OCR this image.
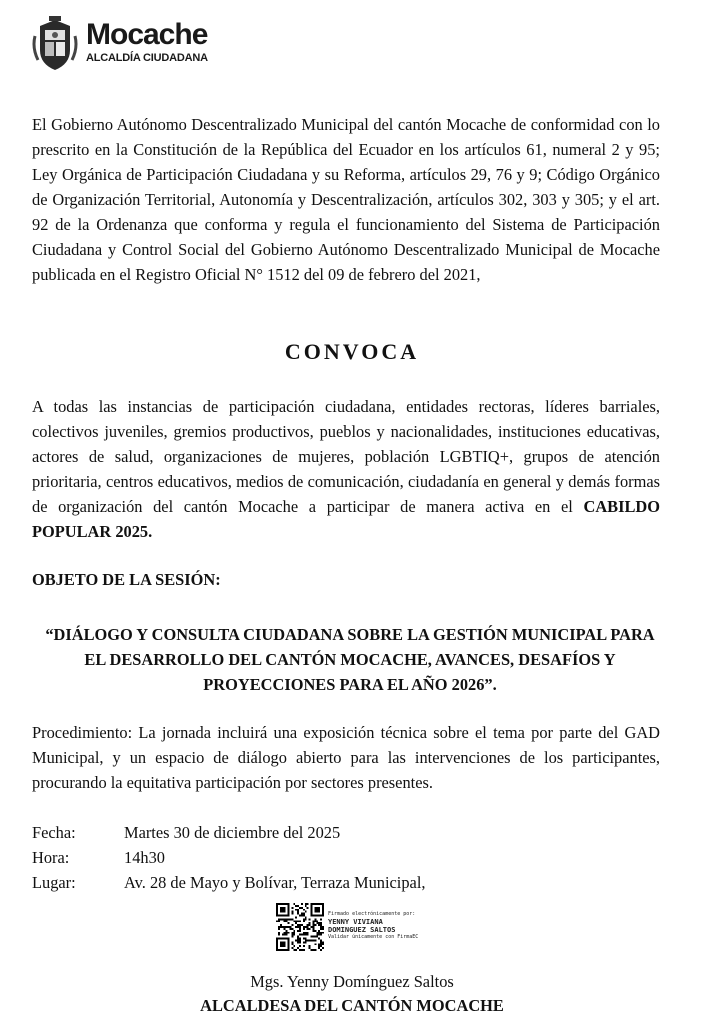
Mocache
ALCALDÍA CIUDADANA

El Gobierno Autónomo Descentralizado Municipal del cantón Mocache de conformidad con lo prescrito en la Constitución de la República del Ecuador en los artículos 61, numeral 2 y 95; Ley Orgánica de Participación Ciudadana y su Reforma, artículos 29, 76 y 9; Código Orgánico de Organización Territorial, Autonomía y Descentralización, artículos 302, 303 y 305; y el art. 92 de la Ordenanza que conforma y regula el funcionamiento del Sistema de Participación Ciudadana y Control Social del Gobierno Autónomo Descentralizado Municipal de Mocache publicada en el Registro Oficial N° 1512 del 09 de febrero del 2021,

CONVOCA

A todas las instancias de participación ciudadana, entidades rectoras, líderes barriales, colectivos juveniles, gremios productivos, pueblos y nacionalidades, instituciones educativas, actores de salud, organizaciones de mujeres, población LGBTIQ+, grupos de atención prioritaria, centros educativos, medios de comunicación, ciudadanía en general y demás formas de organización del cantón Mocache a participar de manera activa en el CABILDO POPULAR 2025.

OBJETO DE LA SESIÓN:

“DIÁLOGO Y CONSULTA CIUDADANA SOBRE LA GESTIÓN MUNICIPAL PARA EL DESARROLLO DEL CANTÓN MOCACHE, AVANCES, DESAFÍOS Y PROYECCIONES PARA EL AÑO 2026”.

Procedimiento: La jornada incluirá una exposición técnica sobre el tema por parte del GAD Municipal, y un espacio de diálogo abierto para las intervenciones de los participantes, procurando la equitativa participación por sectores presentes.

Fecha:	Martes 30 de diciembre del 2025
Hora:	14h30
Lugar:	Av. 28 de Mayo y Bolívar, Terraza Municipal,
Firmado electrónicamente por:
YENNY VIVIANA
DOMINGUEZ SALTOS
Validar únicamente con FirmaEC
Mgs. Yenny Domínguez Saltos
ALCALDESA DEL CANTÓN MOCACHE
